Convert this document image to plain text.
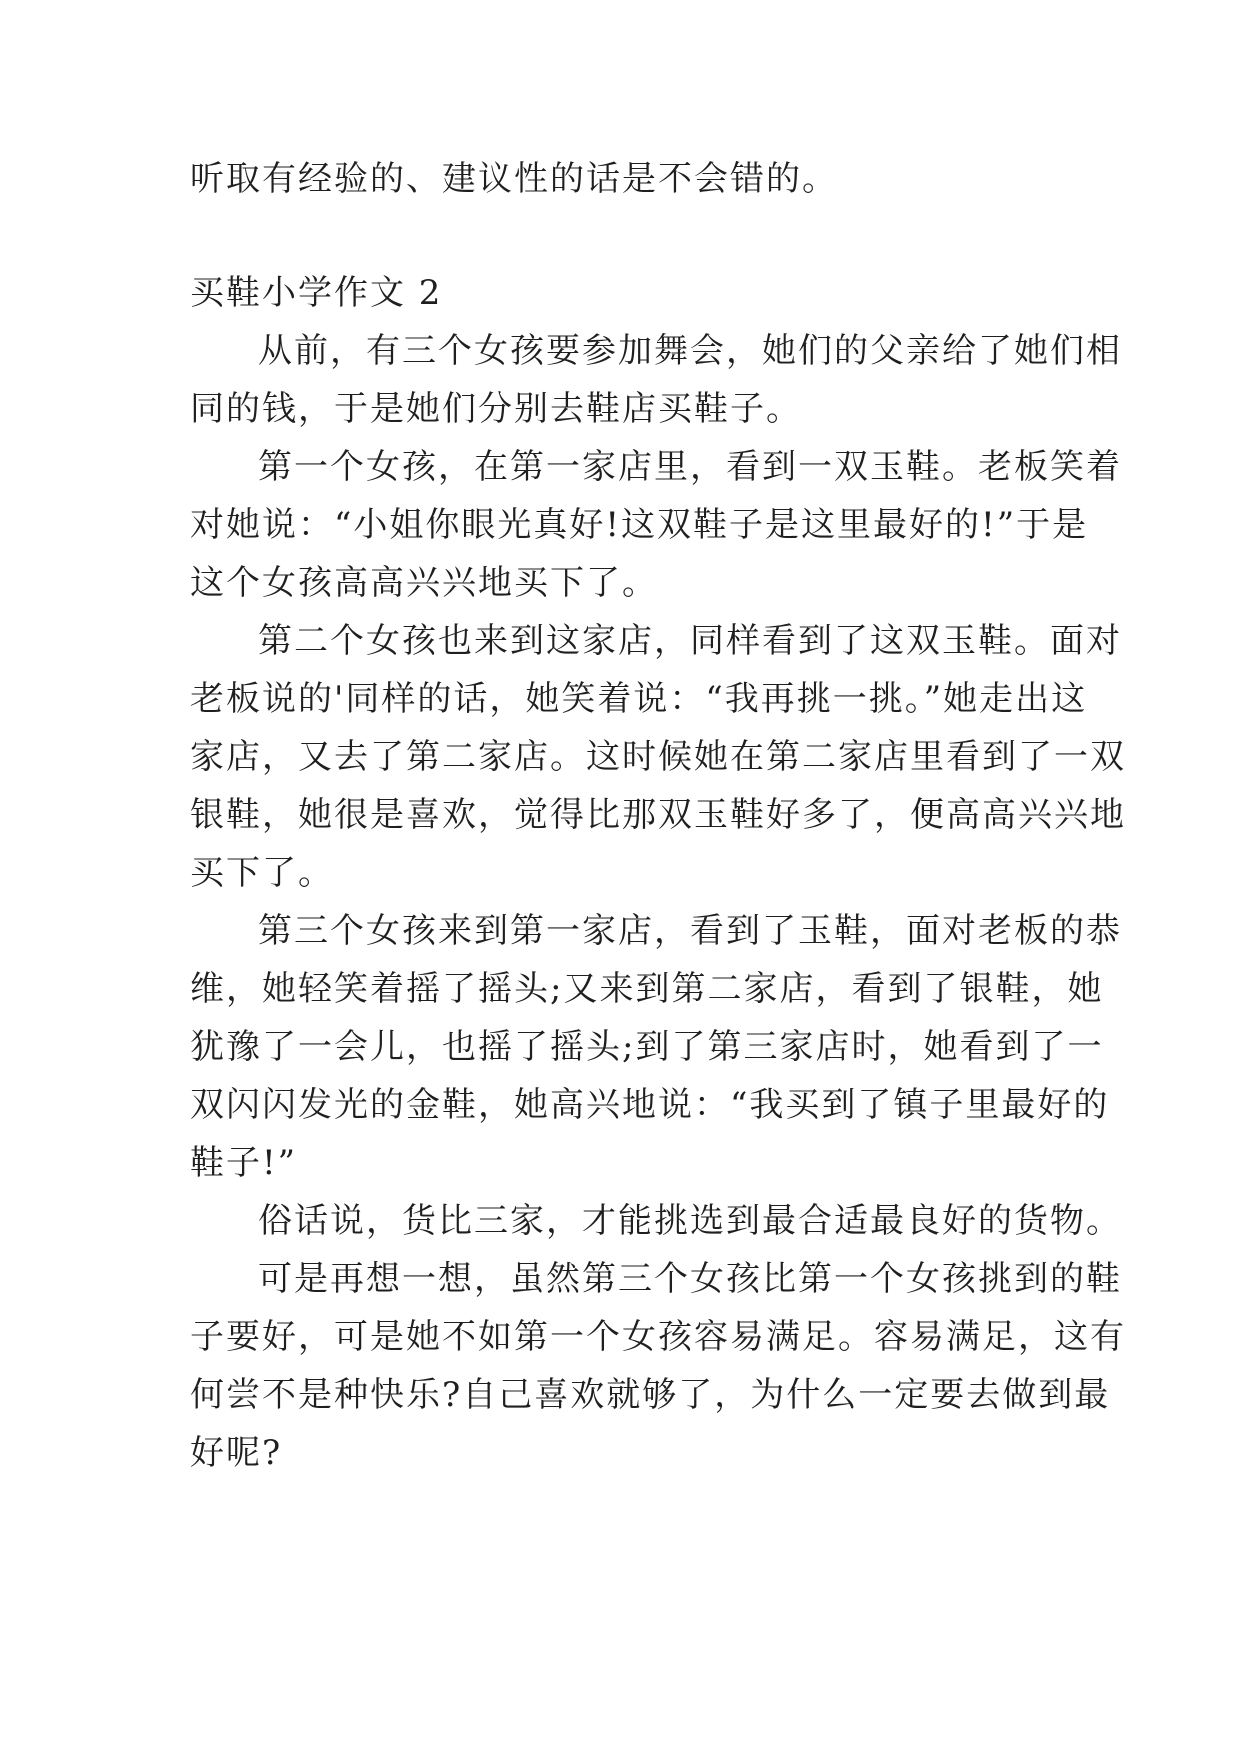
听取有经验的、建议性的话是不会错的。
买鞋小学作文 2
从前，有三个女孩要参加舞会，她们的父亲给了她们相
同的钱，于是她们分别去鞋店买鞋子。
第一个女孩，在第一家店里，看到一双玉鞋。老板笑着
对她说：“小姐你眼光真好!这双鞋子是这里最好的!”于是
这个女孩高高兴兴地买下了。
第二个女孩也来到这家店，同样看到了这双玉鞋。面对
老板说的'同样的话，她笑着说：“我再挑一挑。”她走出这
家店，又去了第二家店。这时候她在第二家店里看到了一双
银鞋，她很是喜欢，觉得比那双玉鞋好多了，便高高兴兴地
买下了。
第三个女孩来到第一家店，看到了玉鞋，面对老板的恭
维，她轻笑着摇了摇头;又来到第二家店，看到了银鞋，她
犹豫了一会儿，也摇了摇头;到了第三家店时，她看到了一
双闪闪发光的金鞋，她高兴地说：“我买到了镇子里最好的
鞋子!”
俗话说，货比三家，才能挑选到最合适最良好的货物。
可是再想一想，虽然第三个女孩比第一个女孩挑到的鞋
子要好，可是她不如第一个女孩容易满足。容易满足，这有
何尝不是种快乐?自己喜欢就够了，为什么一定要去做到最
好呢?
